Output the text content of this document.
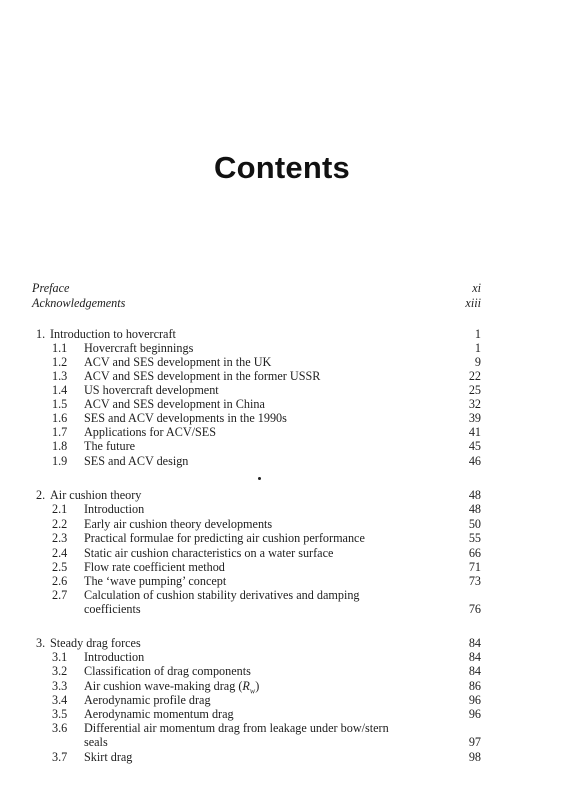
Contents
Preface	xi
Acknowledgements	xiii
1. Introduction to hovercraft	1
1.1 Hovercraft beginnings	1
1.2 ACV and SES development in the UK	9
1.3 ACV and SES development in the former USSR	22
1.4 US hovercraft development	25
1.5 ACV and SES development in China	32
1.6 SES and ACV developments in the 1990s	39
1.7 Applications for ACV/SES	41
1.8 The future	45
1.9 SES and ACV design	46
2. Air cushion theory	48
2.1 Introduction	48
2.2 Early air cushion theory developments	50
2.3 Practical formulae for predicting air cushion performance	55
2.4 Static air cushion characteristics on a water surface	66
2.5 Flow rate coefficient method	71
2.6 The ‘wave pumping’ concept	73
2.7 Calculation of cushion stability derivatives and damping
coefficients	76
3. Steady drag forces	84
3.1 Introduction	84
3.2 Classification of drag components	84
3.3 Air cushion wave-making drag $(R_w)$	86
3.4 Aerodynamic profile drag	96
3.5 Aerodynamic momentum drag	96
3.6 Differential air momentum drag from leakage under bow/stern
seals	97
3.7 Skirt drag	98
